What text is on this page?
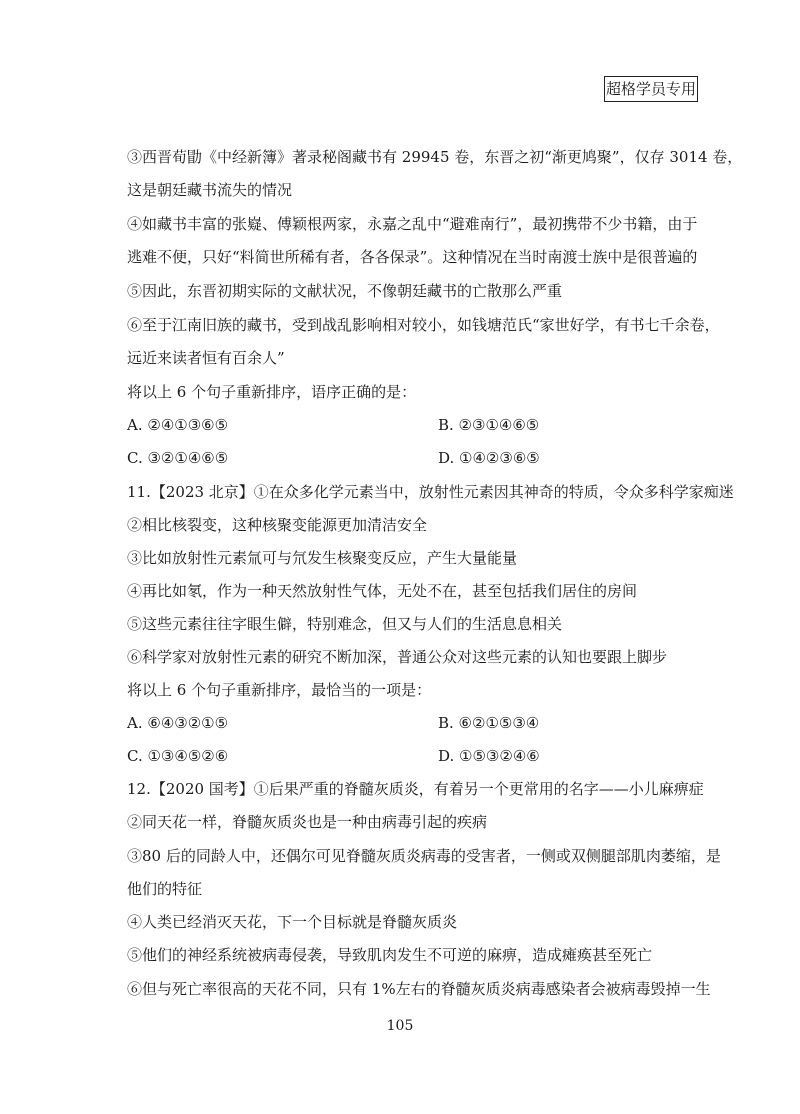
超格学员专用
③西晋荀勖《中经新簿》著录秘阁藏书有 29945 卷，东晋之初“渐更鸠聚”，仅存 3014 卷，
这是朝廷藏书流失的情况
④如藏书丰富的张嶷、傅颖根两家，永嘉之乱中“避难南行”，最初携带不少书籍，由于
逃难不便，只好“料简世所稀有者，各各保录”。这种情况在当时南渡士族中是很普遍的
⑤因此，东晋初期实际的文献状况，不像朝廷藏书的亡散那么严重
⑥至于江南旧族的藏书，受到战乱影响相对较小，如钱塘范氏“家世好学，有书七千余卷，
远近来读者恒有百余人”
将以上 6 个句子重新排序，语序正确的是：
A. ②④①③⑥⑤	B. ②③①④⑥⑤
C. ③②①④⑥⑤	D. ①④②③⑥⑤
11.【2023 北京】①在众多化学元素当中，放射性元素因其神奇的特质，令众多科学家痴迷
②相比核裂变，这种核聚变能源更加清洁安全
③比如放射性元素氚可与氘发生核聚变反应，产生大量能量
④再比如氡，作为一种天然放射性气体，无处不在，甚至包括我们居住的房间
⑤这些元素往往字眼生僻，特别难念，但又与人们的生活息息相关
⑥科学家对放射性元素的研究不断加深，普通公众对这些元素的认知也要跟上脚步
将以上 6 个句子重新排序，最恰当的一项是：
A. ⑥④③②①⑤	B. ⑥②①⑤③④
C. ①③④⑤②⑥	D. ①⑤③②④⑥
12.【2020 国考】①后果严重的脊髓灰质炎，有着另一个更常用的名字——小儿麻痹症
②同天花一样，脊髓灰质炎也是一种由病毒引起的疾病
③80 后的同龄人中，还偶尔可见脊髓灰质炎病毒的受害者，一侧或双侧腿部肌肉萎缩，是
他们的特征
④人类已经消灭天花，下一个目标就是脊髓灰质炎
⑤他们的神经系统被病毒侵袭，导致肌肉发生不可逆的麻痹，造成瘫痪甚至死亡
⑥但与死亡率很高的天花不同，只有 1%左右的脊髓灰质炎病毒感染者会被病毒毁掉一生
105
